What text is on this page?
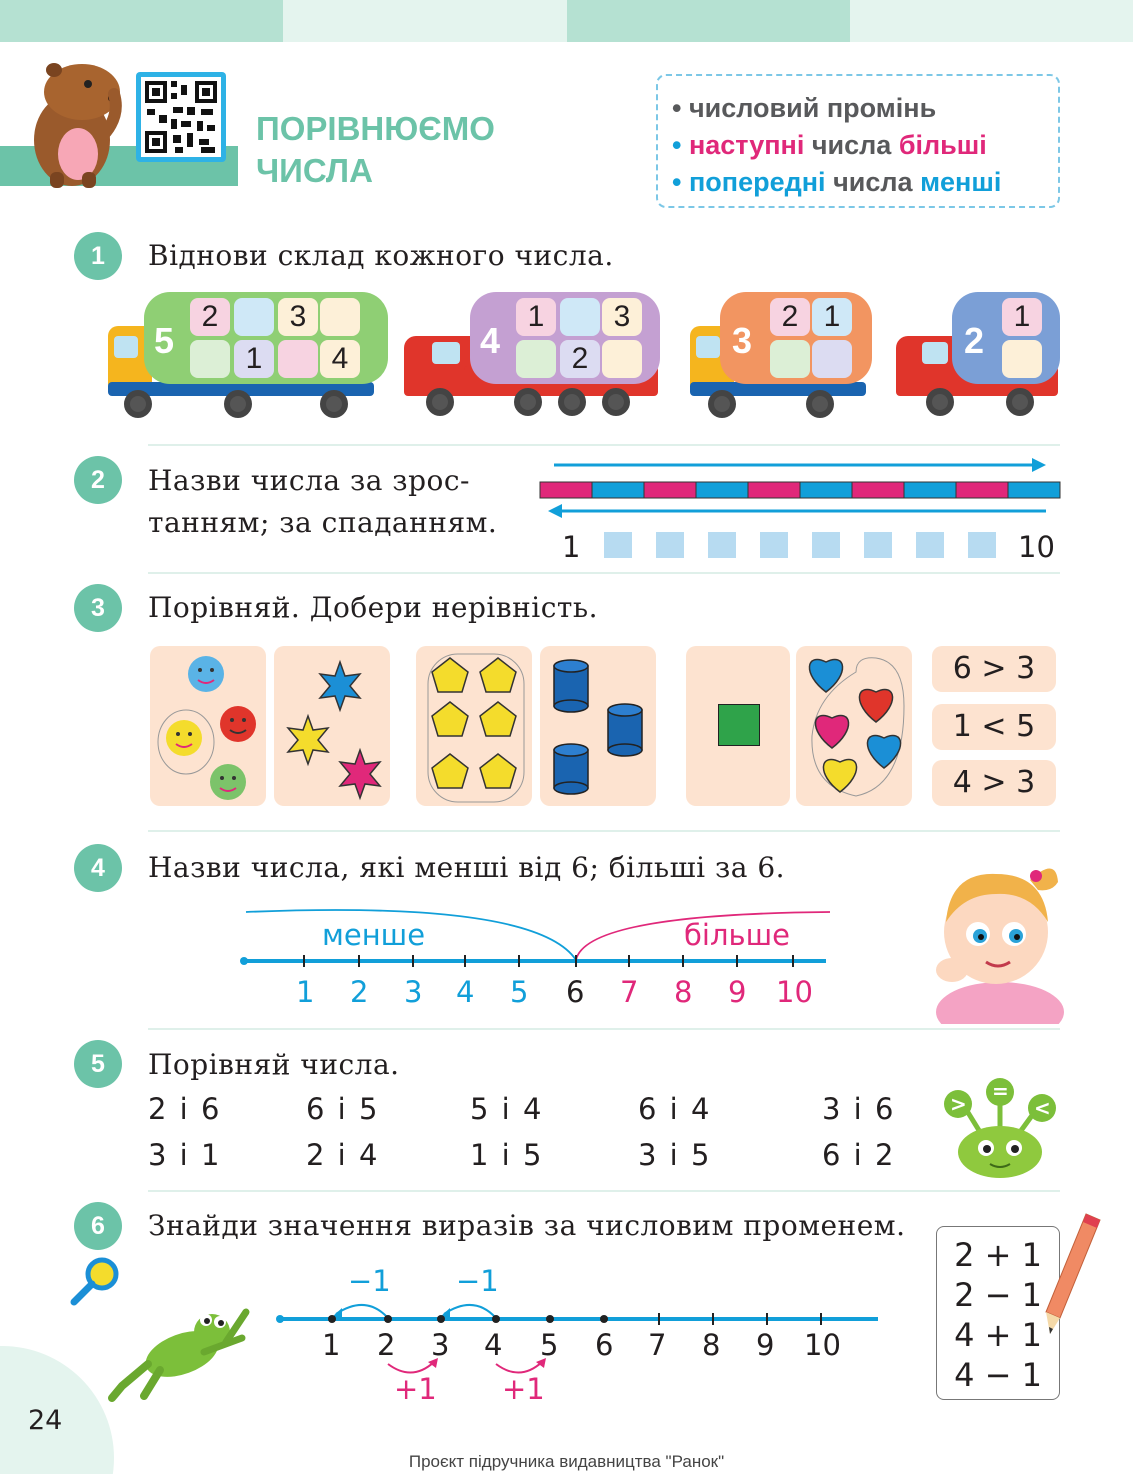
ПОРІВНЮЄМО
ЧИСЛА
• числовий промінь
• наступні числа більші
• попередні числа менші
1	Віднови склад кожного числа.
5
2	3
1	4	4
1	3
2	3
2 1
2
1
2	Назви числа за зрос-
танням; за спаданням.
1	10
3	Порівняй. Добери нерівність.
6 > 3
1 < 5
4 > 3
4	Назви числа, які менші від 6; більші за 6.
менше	більше
1 2 3 4 5 6 7 8 9 10
5	Порівняй числа.
2 і 6	6 і 5	5 і 4	6 і 4	3 і 6
3 і 1	2 і 4	1 і 5	3 і 5	6 і 2
>
=
<
6	Знайди значення виразів за числовим променем.
−1 −1
1 2 3 4 5 6 7 8 9 10
+1 +1
2 + 1
2 − 1
4 + 1
4 − 1
24
Проєкт підручника видавництва "Ранок"
